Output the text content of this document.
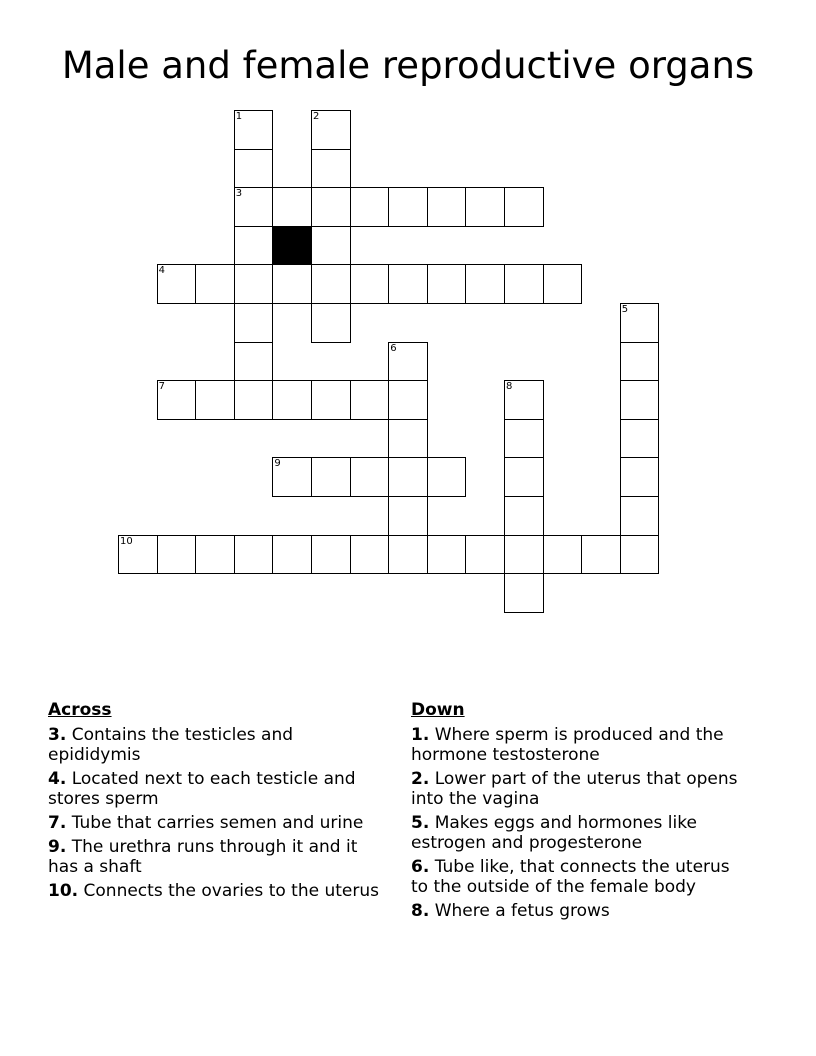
Male and female reproductive organs
1
3
2
4
5
6
7	8
9
10
Across
3. Contains the testicles and epididymis
4. Located next to each testicle and stores sperm
7. Tube that carries semen and urine
9. The urethra runs through it and it has a shaft
10. Connects the ovaries to the uterus
Down
1. Where sperm is produced and the hormone testosterone
2. Lower part of the uterus that opens into the vagina
5. Makes eggs and hormones like estrogen and progesterone
6. Tube like, that connects the uterus to the outside of the female body
8. Where a fetus grows
